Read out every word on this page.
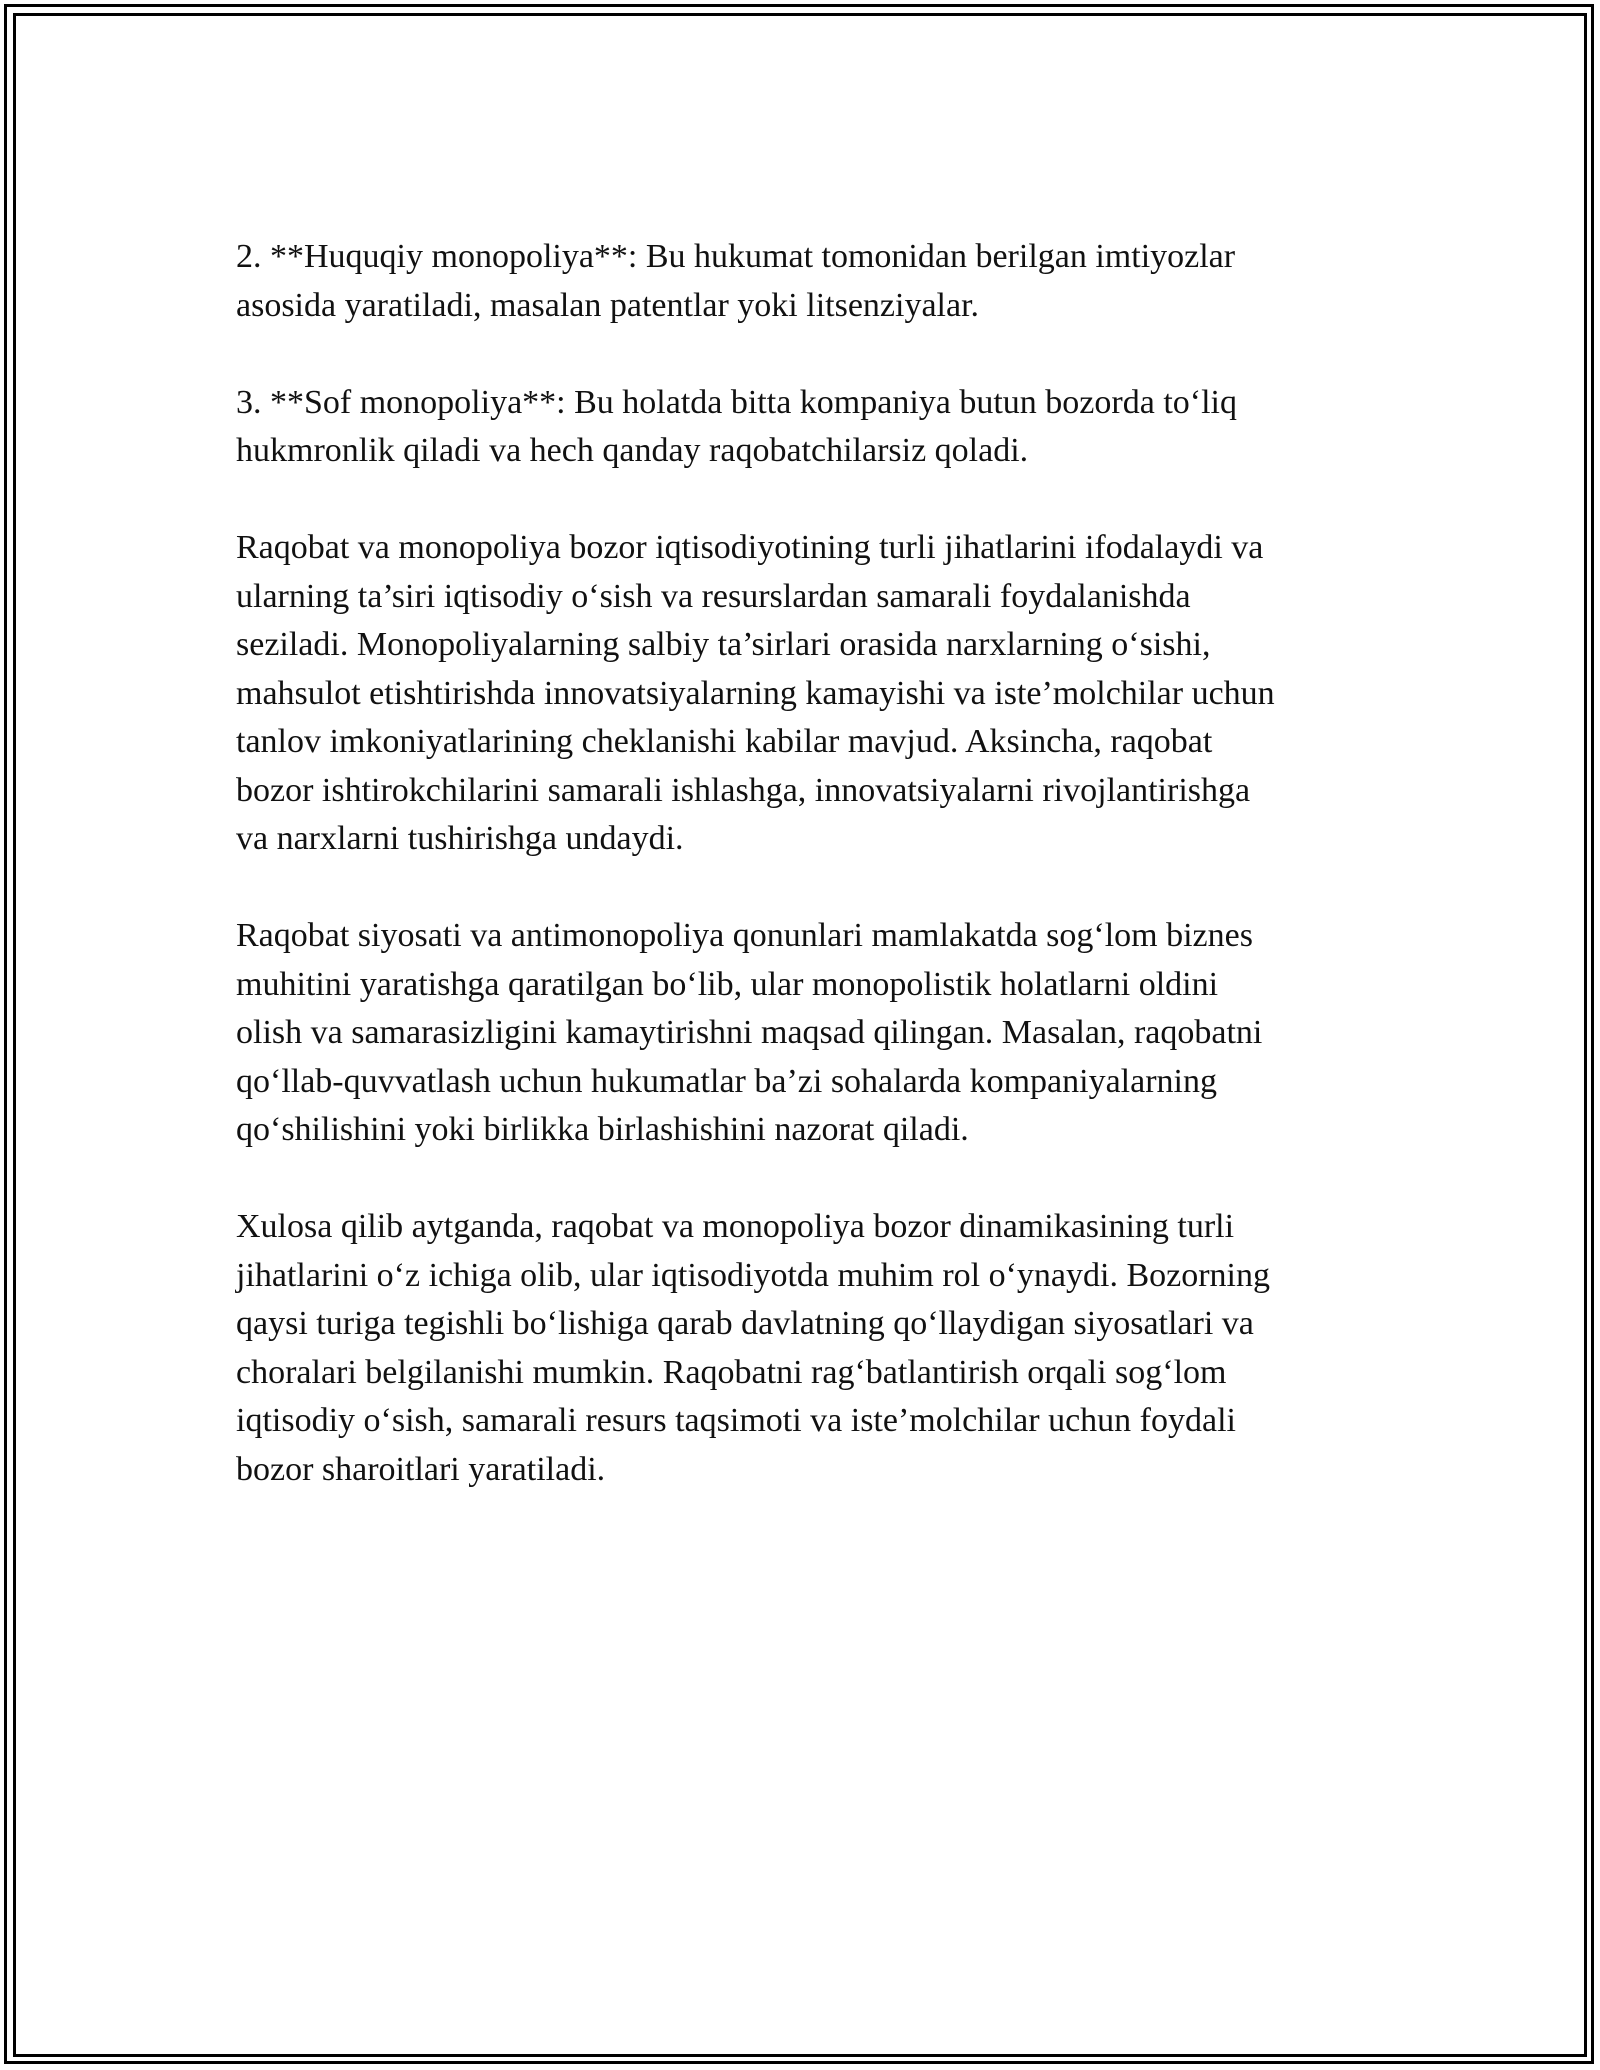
2. **Huquqiy monopoliya**: Bu hukumat tomonidan berilgan imtiyozlar
asosida yaratiladi, masalan patentlar yoki litsenziyalar.

3. **Sof monopoliya**: Bu holatda bitta kompaniya butun bozorda to‘liq
hukmronlik qiladi va hech qanday raqobatchilarsiz qoladi.

Raqobat va monopoliya bozor iqtisodiyotining turli jihatlarini ifodalaydi va
ularning ta’siri iqtisodiy o‘sish va resurslardan samarali foydalanishda
seziladi. Monopoliyalarning salbiy ta’sirlari orasida narxlarning o‘sishi,
mahsulot etishtirishda innovatsiyalarning kamayishi va iste’molchilar uchun
tanlov imkoniyatlarining cheklanishi kabilar mavjud. Aksincha, raqobat
bozor ishtirokchilarini samarali ishlashga, innovatsiyalarni rivojlantirishga
va narxlarni tushirishga undaydi.

Raqobat siyosati va antimonopoliya qonunlari mamlakatda sog‘lom biznes
muhitini yaratishga qaratilgan bo‘lib, ular monopolistik holatlarni oldini
olish va samarasizligini kamaytirishni maqsad qilingan. Masalan, raqobatni
qo‘llab-quvvatlash uchun hukumatlar ba’zi sohalarda kompaniyalarning
qo‘shilishini yoki birlikka birlashishini nazorat qiladi.

Xulosa qilib aytganda, raqobat va monopoliya bozor dinamikasining turli
jihatlarini o‘z ichiga olib, ular iqtisodiyotda muhim rol o‘ynaydi. Bozorning
qaysi turiga tegishli bo‘lishiga qarab davlatning qo‘llaydigan siyosatlari va
choralari belgilanishi mumkin. Raqobatni rag‘batlantirish orqali sog‘lom
iqtisodiy o‘sish, samarali resurs taqsimoti va iste’molchilar uchun foydali
bozor sharoitlari yaratiladi.
